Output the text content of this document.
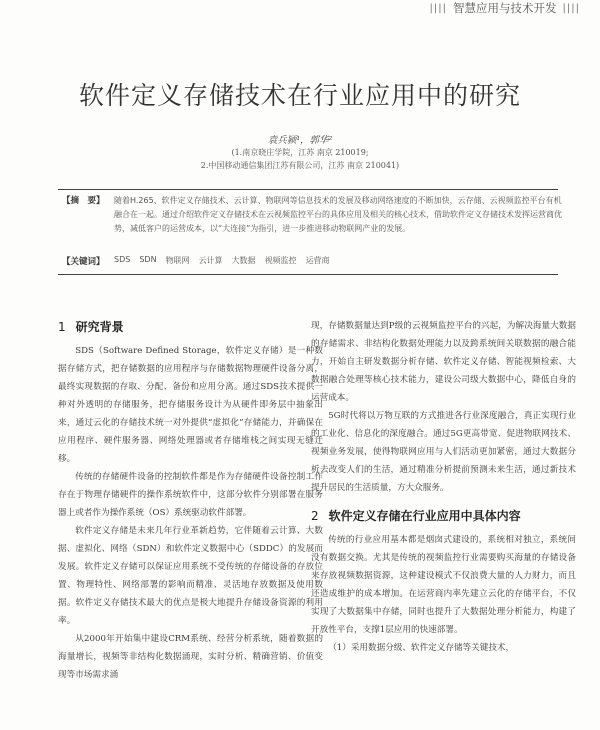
|||| 智慧应用与技术开发 ||||
软件定义存储技术在行业应用中的研究
袁兵颍¹，郭华²
(1.南京晓庄学院，江苏 南京 210019;
2.中国移动通信集团江苏有限公司，江苏 南京 210041)
【摘　要】 随着H.265、软件定义存储技术、云计算、物联网等信息技术的发展及移动网络速度的不断加快，云存储、云视频监控平台有机融合在一起。通过介绍软件定义存储技术在云视频监控平台的具体应用及相关的核心技术，借助软件定义存储技术发挥运营商优势，减低客户的运营成本，以“大连接”为指引，进一步推进移动物联网产业的发展。
【关键词】 SDS SDN 物联网 云计算 大数据 视频监控 运营商
1 研究背景

SDS（Software Defined Storage，软件定义存储）是一种数据存储方式，把存储数据的应用程序与存储数据物理硬件设备分离，最终实现数据的存取、分配、备份和应用分离。通过SDS技术提供一种对外透明的存储服务，把存储服务设计为从硬件即务层中抽象出来，通过云化的存储技术统一对外提供“虚拟化”存储能力，并确保在应用程序、硬件服务器、网络处理器或者存储堆栈之间实现无缝迁移。

传统的存储硬件设备的控制软件都是作为存储硬件设备控制工作存在于物理存储硬件的操作系统软件中，这部分软件分别部署在服务器上或者作为操作系统（OS）系统驱动软件部署。

软件定义存储是未来几年行业革新趋势，它伴随着云计算、大数据、虚拟化、网络（SDN）和软件定义数据中心（SDDC）的发展而发展。软件定义存储可以保证应用系统不受传统的存储设备的存放位置、物理特性、网络部署的影响而精准、灵活地存放数据及使用数据。软件定义存储技术最大的优点是极大地提升存储设备资源的利用率。

从2000年开始集中建设CRM系统、经营分析系统，随着数据的海量增长，视频等非结构化数据涌现，实时分析、精确营销、价值变现等市场需求涌

现，存储数据量达到P级的云视频监控平台的兴起，为解决海量大数据的存储需求、非结构化数据处理能力以及跨系统间关联数据的融合能力，开始自主研发数据分析存储、软件定义存储、智能视频检索、大数据融合处理等核心技术能力，建设公司级大数据中心，降低自身的运营成本。

5G时代将以万物互联的方式推进各行业深度融合，真正实现行业的工业化、信息化的深度融合。通过5G更高带宽、促进物联网技术、视频业务发展，使得物联网应用与人们活动更加紧密，通过大数据分析去改变人们的生活，通过精准分析提前预测未来生活，通过新技术提升居民的生活质量，方大众服务。

2 软件定义存储在行业应用中具体内容

传统的行业应用基本都是烟囱式建设的，系统相对独立，系统间没有数据交换。尤其是传统的视频监控行业需要购买海量的存储设备来存放视频数据资源，这种建设模式不仅浪费大量的人力财力，而且还造成维护的成本增加。在运营商内率先建立云化的存储平台，不仅实现了大数据集中存储，同时也提升了大数据处理分析能力，构建了开放性平台，支撑1层应用的快速部署。

（1）采用数据分级、软件定义存储等关键技术，
